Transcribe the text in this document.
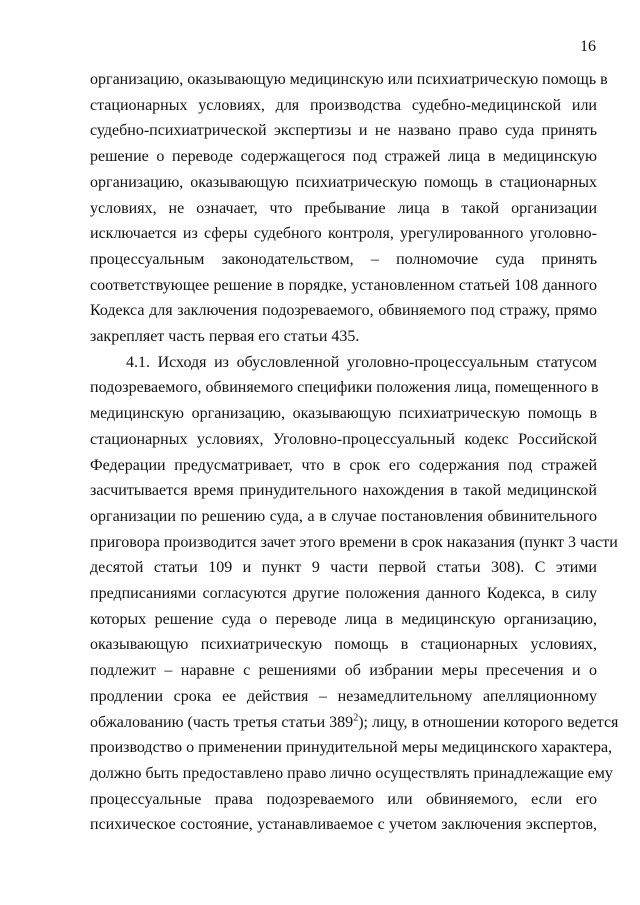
16
организацию, оказывающую медицинскую или психиатрическую помощь в
стационарных условиях, для производства судебно-медицинской или
судебно-психиатрической экспертизы и не названо право суда принять
решение о переводе содержащегося под стражей лица в медицинскую
организацию, оказывающую психиатрическую помощь в стационарных
условиях, не означает, что пребывание лица в такой организации
исключается из сферы судебного контроля, урегулированного уголовно-
процессуальным законодательством, – полномочие суда принять
соответствующее решение в порядке, установленном статьей 108 данного
Кодекса для заключения подозреваемого, обвиняемого под стражу, прямо
закрепляет часть первая его статьи 435.
4.1. Исходя из обусловленной уголовно-процессуальным статусом
подозреваемого, обвиняемого специфики положения лица, помещенного в
медицинскую организацию, оказывающую психиатрическую помощь в
стационарных условиях, Уголовно-процессуальный кодекс Российской
Федерации предусматривает, что в срок его содержания под стражей
засчитывается время принудительного нахождения в такой медицинской
организации по решению суда, а в случае постановления обвинительного
приговора производится зачет этого времени в срок наказания (пункт 3 части
десятой статьи 109 и пункт 9 части первой статьи 308). С этими
предписаниями согласуются другие положения данного Кодекса, в силу
которых решение суда о переводе лица в медицинскую организацию,
оказывающую психиатрическую помощь в стационарных условиях,
подлежит – наравне с решениями об избрании меры пресечения и о
продлении срока ее действия – незамедлительному апелляционному
обжалованию (часть третья статьи $389^2$); лицу, в отношении которого ведется
производство о применении принудительной меры медицинского характера,
должно быть предоставлено право лично осуществлять принадлежащие ему
процессуальные права подозреваемого или обвиняемого, если его
психическое состояние, устанавливаемое с учетом заключения экспертов,
